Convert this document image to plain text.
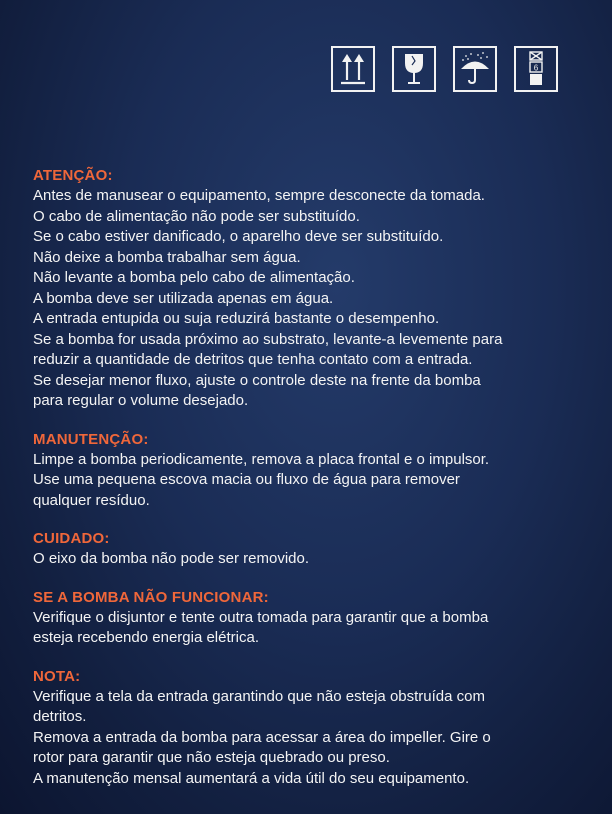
6
ATENÇÃO:
Antes de manusear o equipamento, sempre desconecte da tomada.
O cabo de alimentação não pode ser substituído.
Se o cabo estiver danificado, o aparelho deve ser substituído.
Não deixe a bomba trabalhar sem água.
Não levante a bomba pelo cabo de alimentação.
A bomba deve ser utilizada apenas em água.
A entrada entupida ou suja reduzirá bastante o desempenho.
Se a bomba for usada próximo ao substrato, levante-a levemente para
reduzir a quantidade de detritos que tenha contato com a entrada.
Se desejar menor fluxo, ajuste o controle deste na frente da bomba
para regular o volume desejado.
MANUTENÇÃO:
Limpe a bomba periodicamente, remova a placa frontal e o impulsor.
Use uma pequena escova macia ou fluxo de água para remover
qualquer resíduo.
CUIDADO:
O eixo da bomba não pode ser removido.
SE A BOMBA NÃO FUNCIONAR:
Verifique o disjuntor e tente outra tomada para garantir que a bomba
esteja recebendo energia elétrica.
NOTA:
Verifique a tela da entrada garantindo que não esteja obstruída com
detritos.
Remova a entrada da bomba para acessar a área do impeller. Gire o
rotor para garantir que não esteja quebrado ou preso.
A manutenção mensal aumentará a vida útil do seu equipamento.
